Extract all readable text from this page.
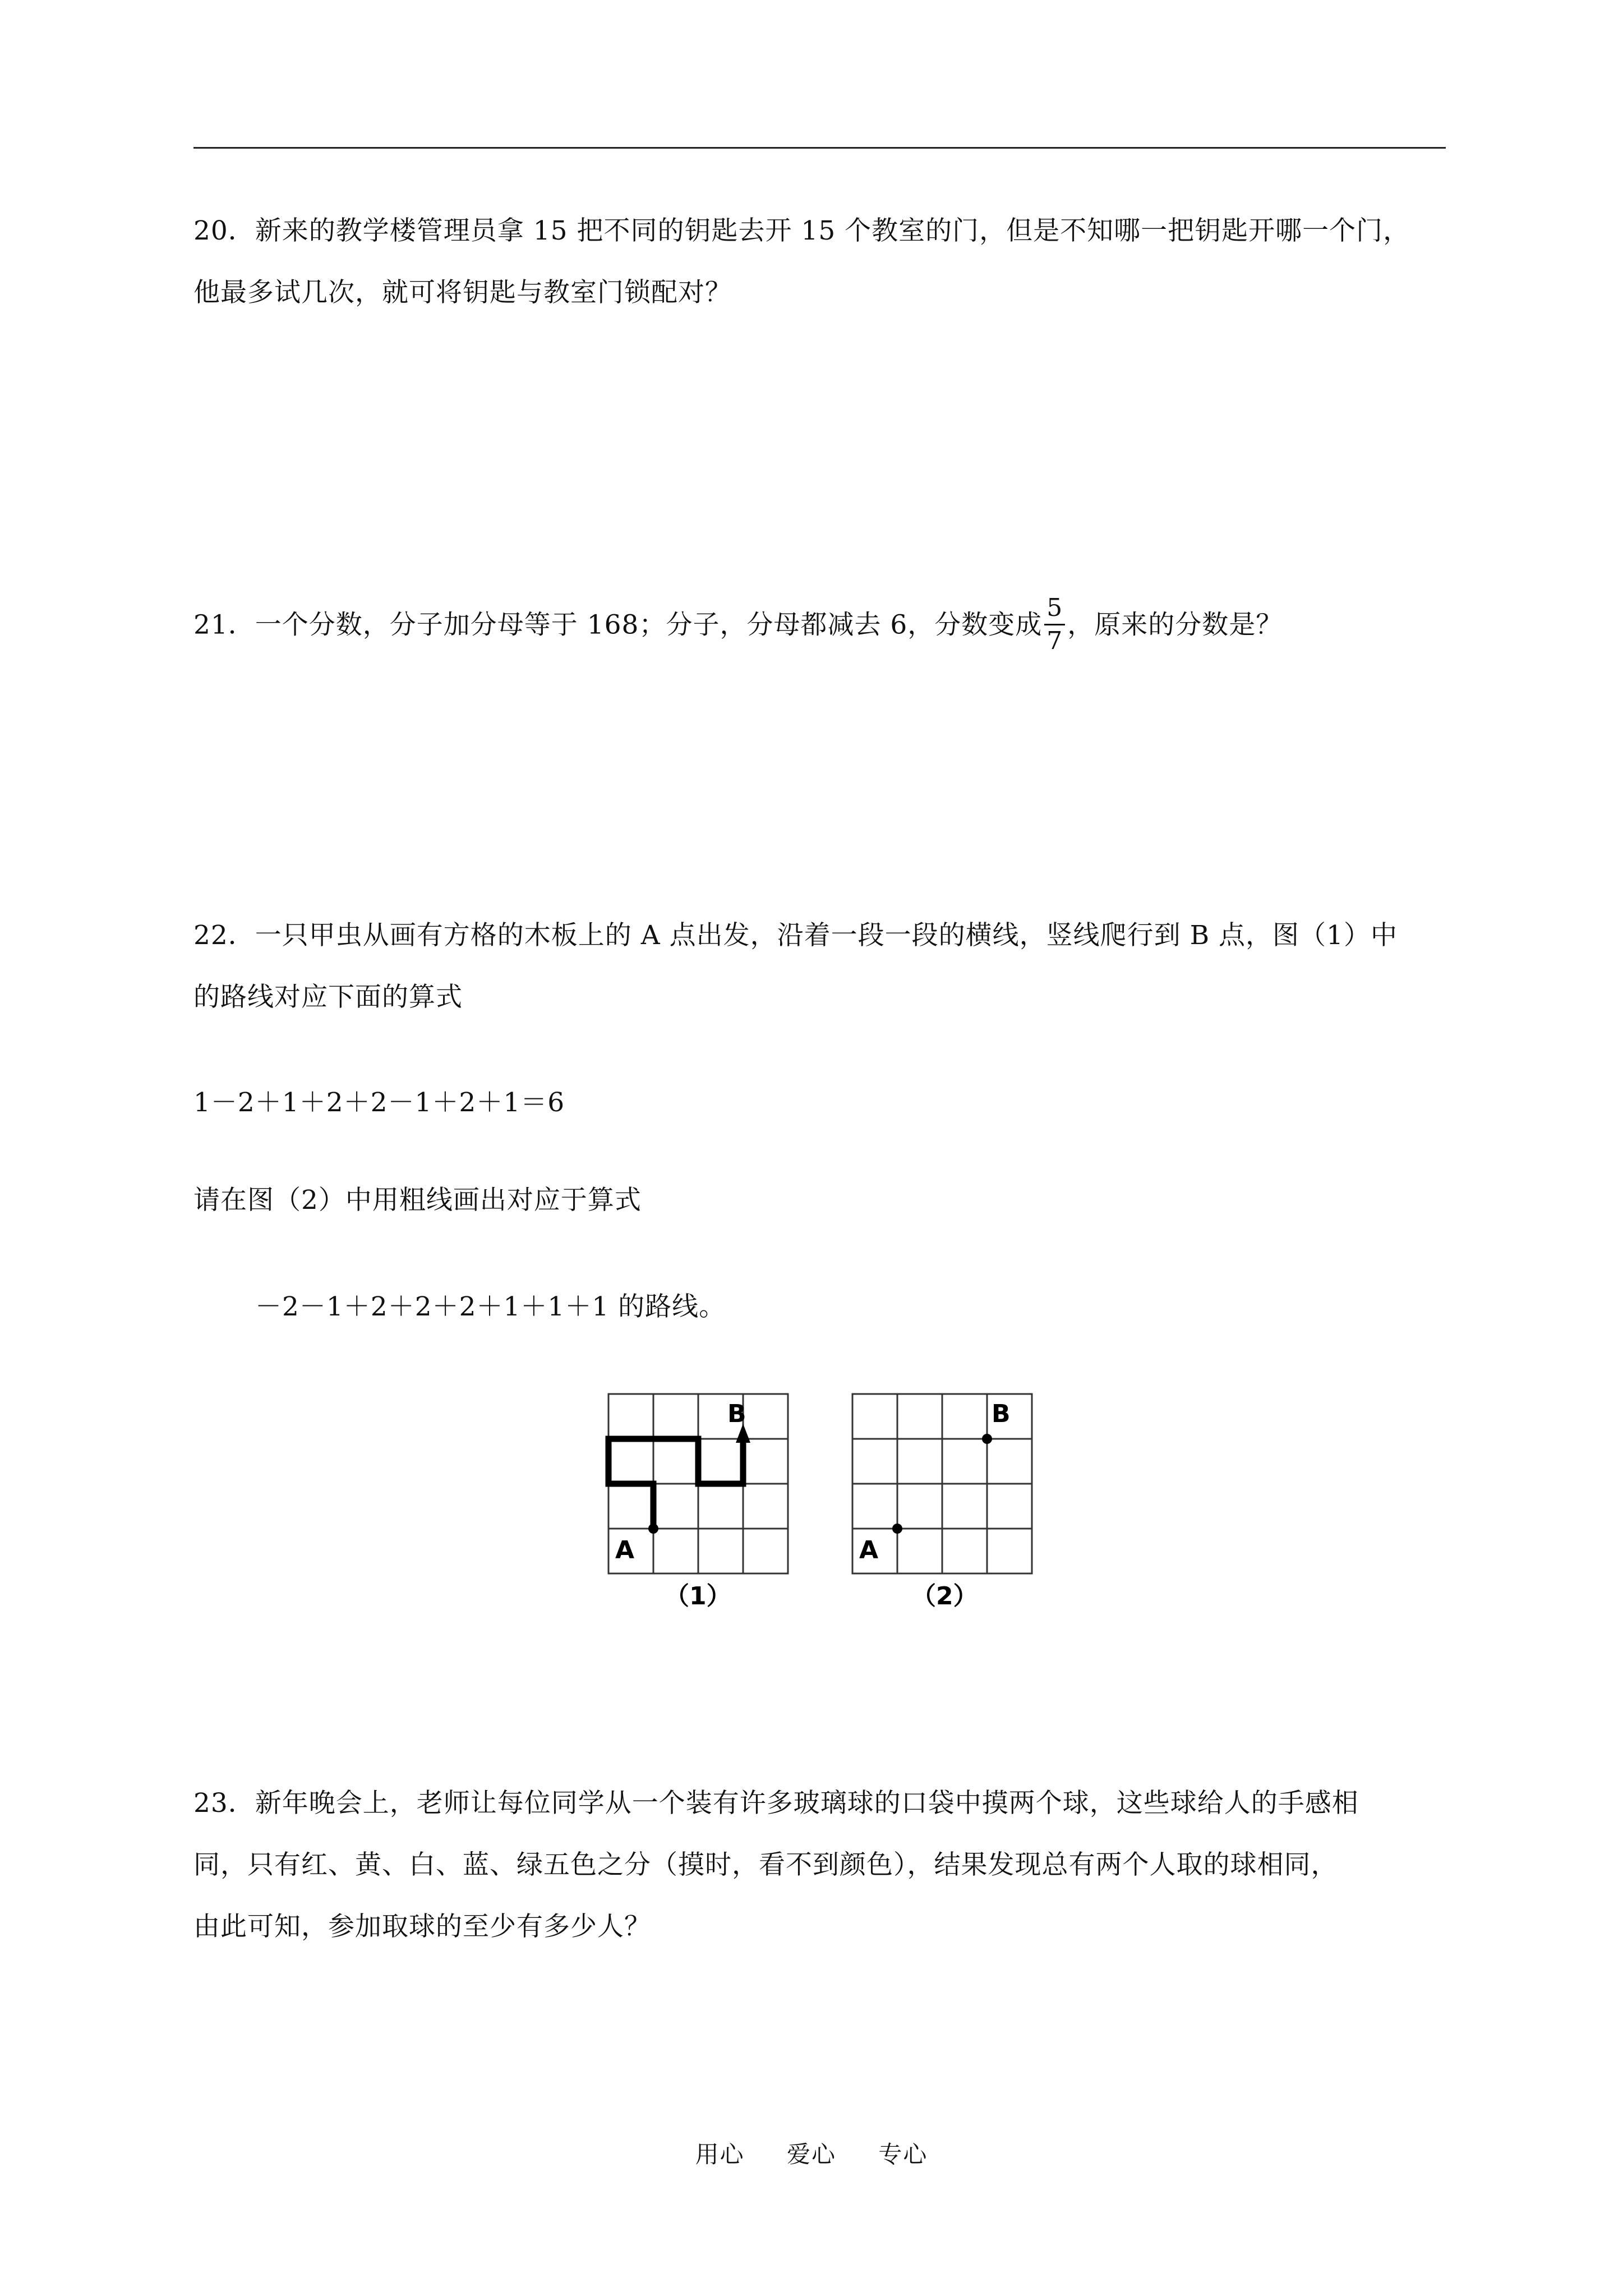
20．新来的教学楼管理员拿 15 把不同的钥匙去开 15 个教室的门，但是不知哪一把钥匙开哪一个门，
他最多试几次，就可将钥匙与教室门锁配对？
21．一个分数，分子加分母等于 168；分子，分母都减去 6，分数变成 $\frac{5}{7}$ ，原来的分数是？
22．一只甲虫从画有方格的木板上的 A 点出发，沿着一段一段的横线，竖线爬行到 B 点，图（1）中
的路线对应下面的算式
1－2＋1＋2＋2－1＋2＋1＝6
请在图（2）中用粗线画出对应于算式
－2－1＋2＋2＋2＋1＋1＋1 的路线。
A
B
（1）
A
B
（2）
23．新年晚会上，老师让每位同学从一个装有许多玻璃球的口袋中摸两个球，这些球给人的手感相
同，只有红、黄、白、蓝、绿五色之分（摸时，看不到颜色），结果发现总有两个人取的球相同，
由此可知，参加取球的至少有多少人？
用心 爱心 专心
